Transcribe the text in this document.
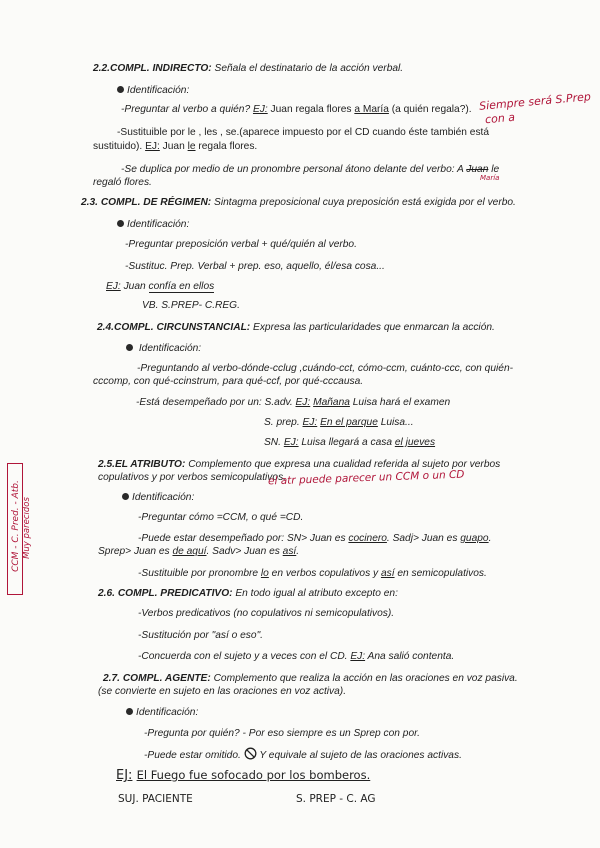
2.2.COMPL. INDIRECTO: Señala el destinatario de la acción verbal.
Identificación:
-Preguntar al verbo a quién? EJ: Juan regala flores a María (a quién regala?).
-Sustituible por le , les , se.(aparece impuesto por el CD cuando éste también está
sustituido). EJ: Juan le regala flores.
-Se duplica por medio de un pronombre personal átono delante del verbo: A Juan le
regaló flores.
Siempre será S.Prep
con a
María
2.3. COMPL. DE RÉGIMEN: Sintagma preposicional cuya preposición está exigida por el verbo.
Identificación:
-Preguntar preposición verbal + qué/quién al verbo.
-Sustituc. Prep. Verbal + prep. eso, aquello, él/esa cosa...
EJ: Juan confía en ellos
VB. S.PREP- C.REG.
2.4.COMPL. CIRCUNSTANCIAL: Expresa las particularidades que enmarcan la acción.
Identificación:
-Preguntando al verbo-dónde-cclug ,cuándo-cct, cómo-ccm, cuánto-ccc, con quién-
cccomp, con qué-ccinstrum, para qué-ccf, por qué-cccausa.
-Está desempeñado por un: S.adv. EJ: Mañana Luisa hará el examen
S. prep. EJ: En el parque Luisa...
SN. EJ: Luisa llegará a casa el jueves
2.5.EL ATRIBUTO: Complemento que expresa una cualidad referida al sujeto por verbos
copulativos y por verbos semicopulativos.
el atr puede parecer un CCM o un CD
Identificación:
-Preguntar cómo =CCM, o qué =CD.
-Puede estar desempeñado por: SN> Juan es cocinero. Sadj> Juan es guapo.
Sprep> Juan es de aquí. Sadv> Juan es así.
-Sustituible por pronombre lo en verbos copulativos y así en semicopulativos.
2.6. COMPL. PREDICATIVO: En todo igual al atributo excepto en:
-Verbos predicativos (no copulativos ni semicopulativos).
-Sustitución por "así o eso".
-Concuerda con el sujeto y a veces con el CD. EJ: Ana salió contenta.
2.7. COMPL. AGENTE: Complemento que realiza la acción en las oraciones en voz pasiva.
(se convierte en sujeto en las oraciones en voz activa).
Identificación:
-Pregunta por quién? - Por eso siempre es un Sprep con por.
-Puede estar omitido.  Y equivale al sujeto de las oraciones activas.
EJ: El Fuego fue sofocado por los bomberos.
SUJ. PACIENTE	S. PREP - C. AG
CCM - C. Pred. - Atb. Muy parecidos
